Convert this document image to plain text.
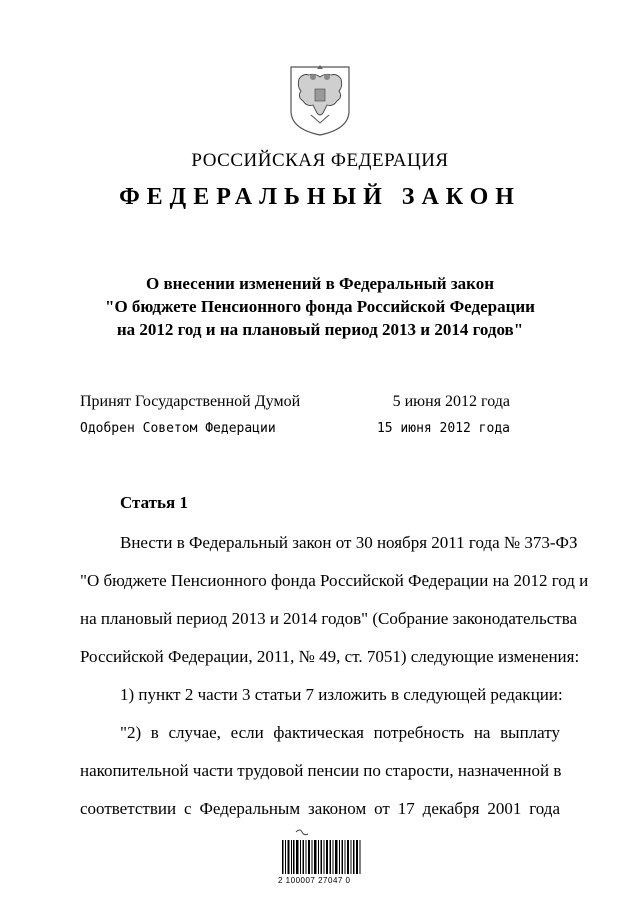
РОССИЙСКАЯ ФЕДЕРАЦИЯ
ФЕДЕРАЛЬНЫЙ ЗАКОН
О внесении изменений в Федеральный закон
"О бюджете Пенсионного фонда Российской Федерации
на 2012 год и на плановый период 2013 и 2014 годов"
Принят Государственной Думой	5 июня 2012 года
Одобрен Советом Федерации	15 июня 2012 года
Статья 1
Внести в Федеральный закон от 30 ноября 2011 года № 373-ФЗ
"О бюджете Пенсионного фонда Российской Федерации на 2012 год и
на плановый период 2013 и 2014 годов" (Собрание законодательства
Российской Федерации, 2011, № 49, ст. 7051) следующие изменения:
1) пункт 2 части 3 статьи 7 изложить в следующей редакции:
"2) в случае, если фактическая потребность на выплату
накопительной части трудовой пенсии по старости, назначенной в
соответствии с Федеральным законом от 17 декабря 2001 года
2 100007 27047 0
